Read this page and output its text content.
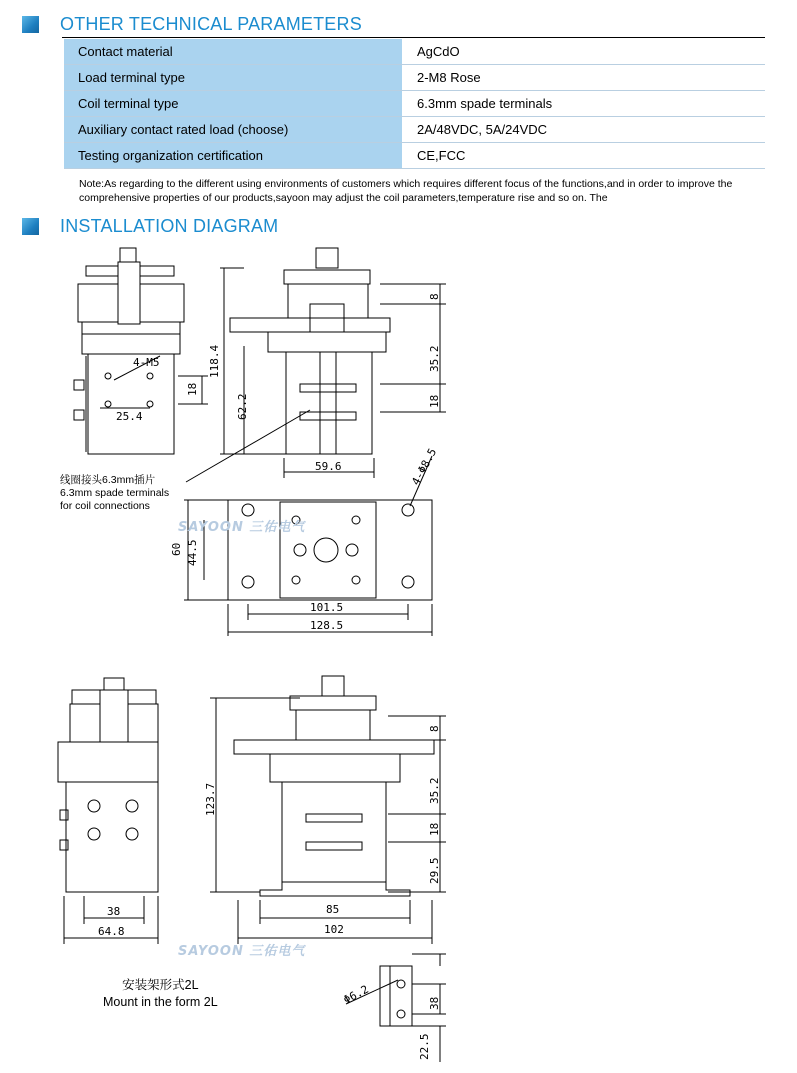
OTHER TECHNICAL PARAMETERS
Contact material	AgCdO
Load terminal type	2-M8 Rose
Coil terminal type	6.3mm spade terminals
Auxiliary contact rated load (choose)	2A/48VDC, 5A/24VDC
Testing organization certification	CE,FCC
Note:As regarding to the different using environments of customers which requires different focus of the functions,and in order to improve the comprehensive properties of our products,sayoon may adjust the coil parameters,temperature rise and so on. The
INSTALLATION DIAGRAM
4-M5
25.4
18
118.4
62.2
8
35.2
18
59.6	4-Φ8.5
60 44.5
101.5
128.5
123.7
8
35.2
18
29.5
38
64.8
85
102
Φ6.2	38
22.5
线圈接头6.3mm插片
6.3mm spade terminals
for coil connections
SAYOON 三佑电气
SAYOON 三佑电气
安装架形式2L
Mount in the form 2L
